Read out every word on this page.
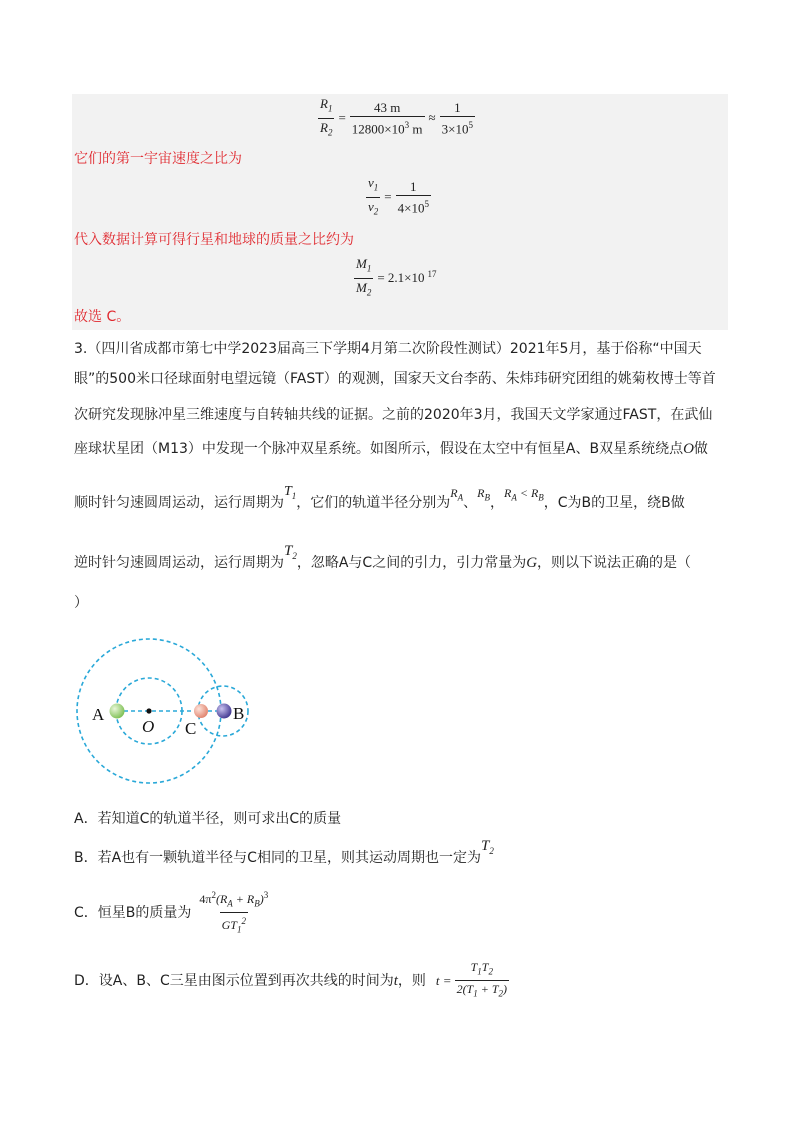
$\frac{R_1}{R_2} = \frac{43 m}{12800\times 10^3 m} \approx \frac{1}{3\times 10^5}$
它们的第一宇宙速度之比为
$\frac{v_1}{v_2} = \frac{1}{4\times 10^5}$
代入数据计算可得行星和地球的质量之比约为
$\frac{M_1}{M_2} = 2.1\times 10$ $^{17}$
故选 C。
3.（四川省成都市第七中学2023届高三下学期4月第二次阶段性测试）2021年5月，基于俗称“中国天
眼”的500米口径球面射电望远镜（FAST）的观测，国家天文台李菂、朱炜玮研究团组的姚菊枚博士等首
次研究发现脉冲星三维速度与自转轴共线的证据。之前的2020年3月，我国天文学家通过FAST，在武仙
座球状星团（M13）中发现一个脉冲双星系统。如图所示，假设在太空中有恒星A、B双星系统绕点O做
顺时针匀速圆周运动，运行周期为$T_1$，它们的轨道半径分别为$R_A$、$R_B$，$R_A < R_B$，C为B的卫星，绕B做
逆时针匀速圆周运动，运行周期为$T_2$，忽略A与C之间的引力，引力常量为G，则以下说法正确的是（
）
A
O C
B
A．若知道C的轨道半径，则可求出C的质量
B．若A也有一颗轨道半径与C相同的卫星，则其运动周期也一定为$T_2$
C．恒星B的质量为 $\frac{4\pi^2(R_A + R_B)^3}{GT_1^2}$
D．设A、B、C三星由图示位置到再次共线的时间为 t ，则 $t = \frac{T_1T_2}{2(T_1 + T_2)}$
